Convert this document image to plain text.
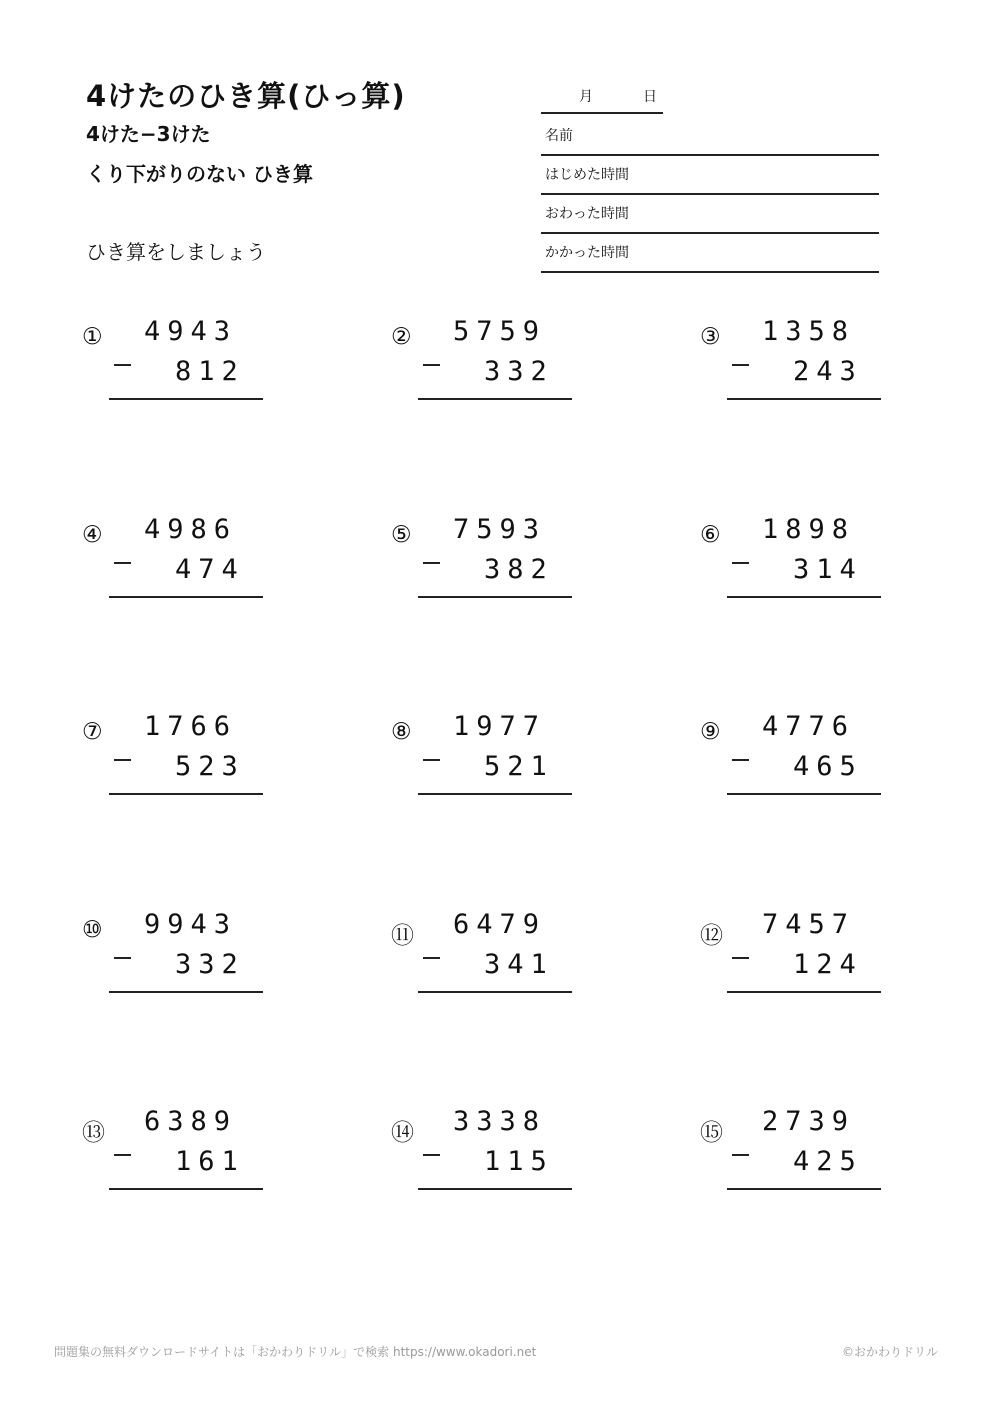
4けたのひき算(ひっ算)
4けた−3けた
くり下がりのない ひき算
ひき算をしましょう
月	日
名前
はじめた時間
おわった時間
かかった時間
①	4943
812
②	5759
332
③	1358
243
④	4986
474
⑤	7593
382
⑥	1898
314
⑦	1766
523
⑧	1977
521
⑨	4776
465
⑩	9943
332
⑪	6479
341
⑫	7457
124
⑬	6389
161
⑭	3338
115
⑮	2739
425
問題集の無料ダウンロードサイトは「おかわりドリル」で検索 https://www.okadori.net	©おかわりドリル
